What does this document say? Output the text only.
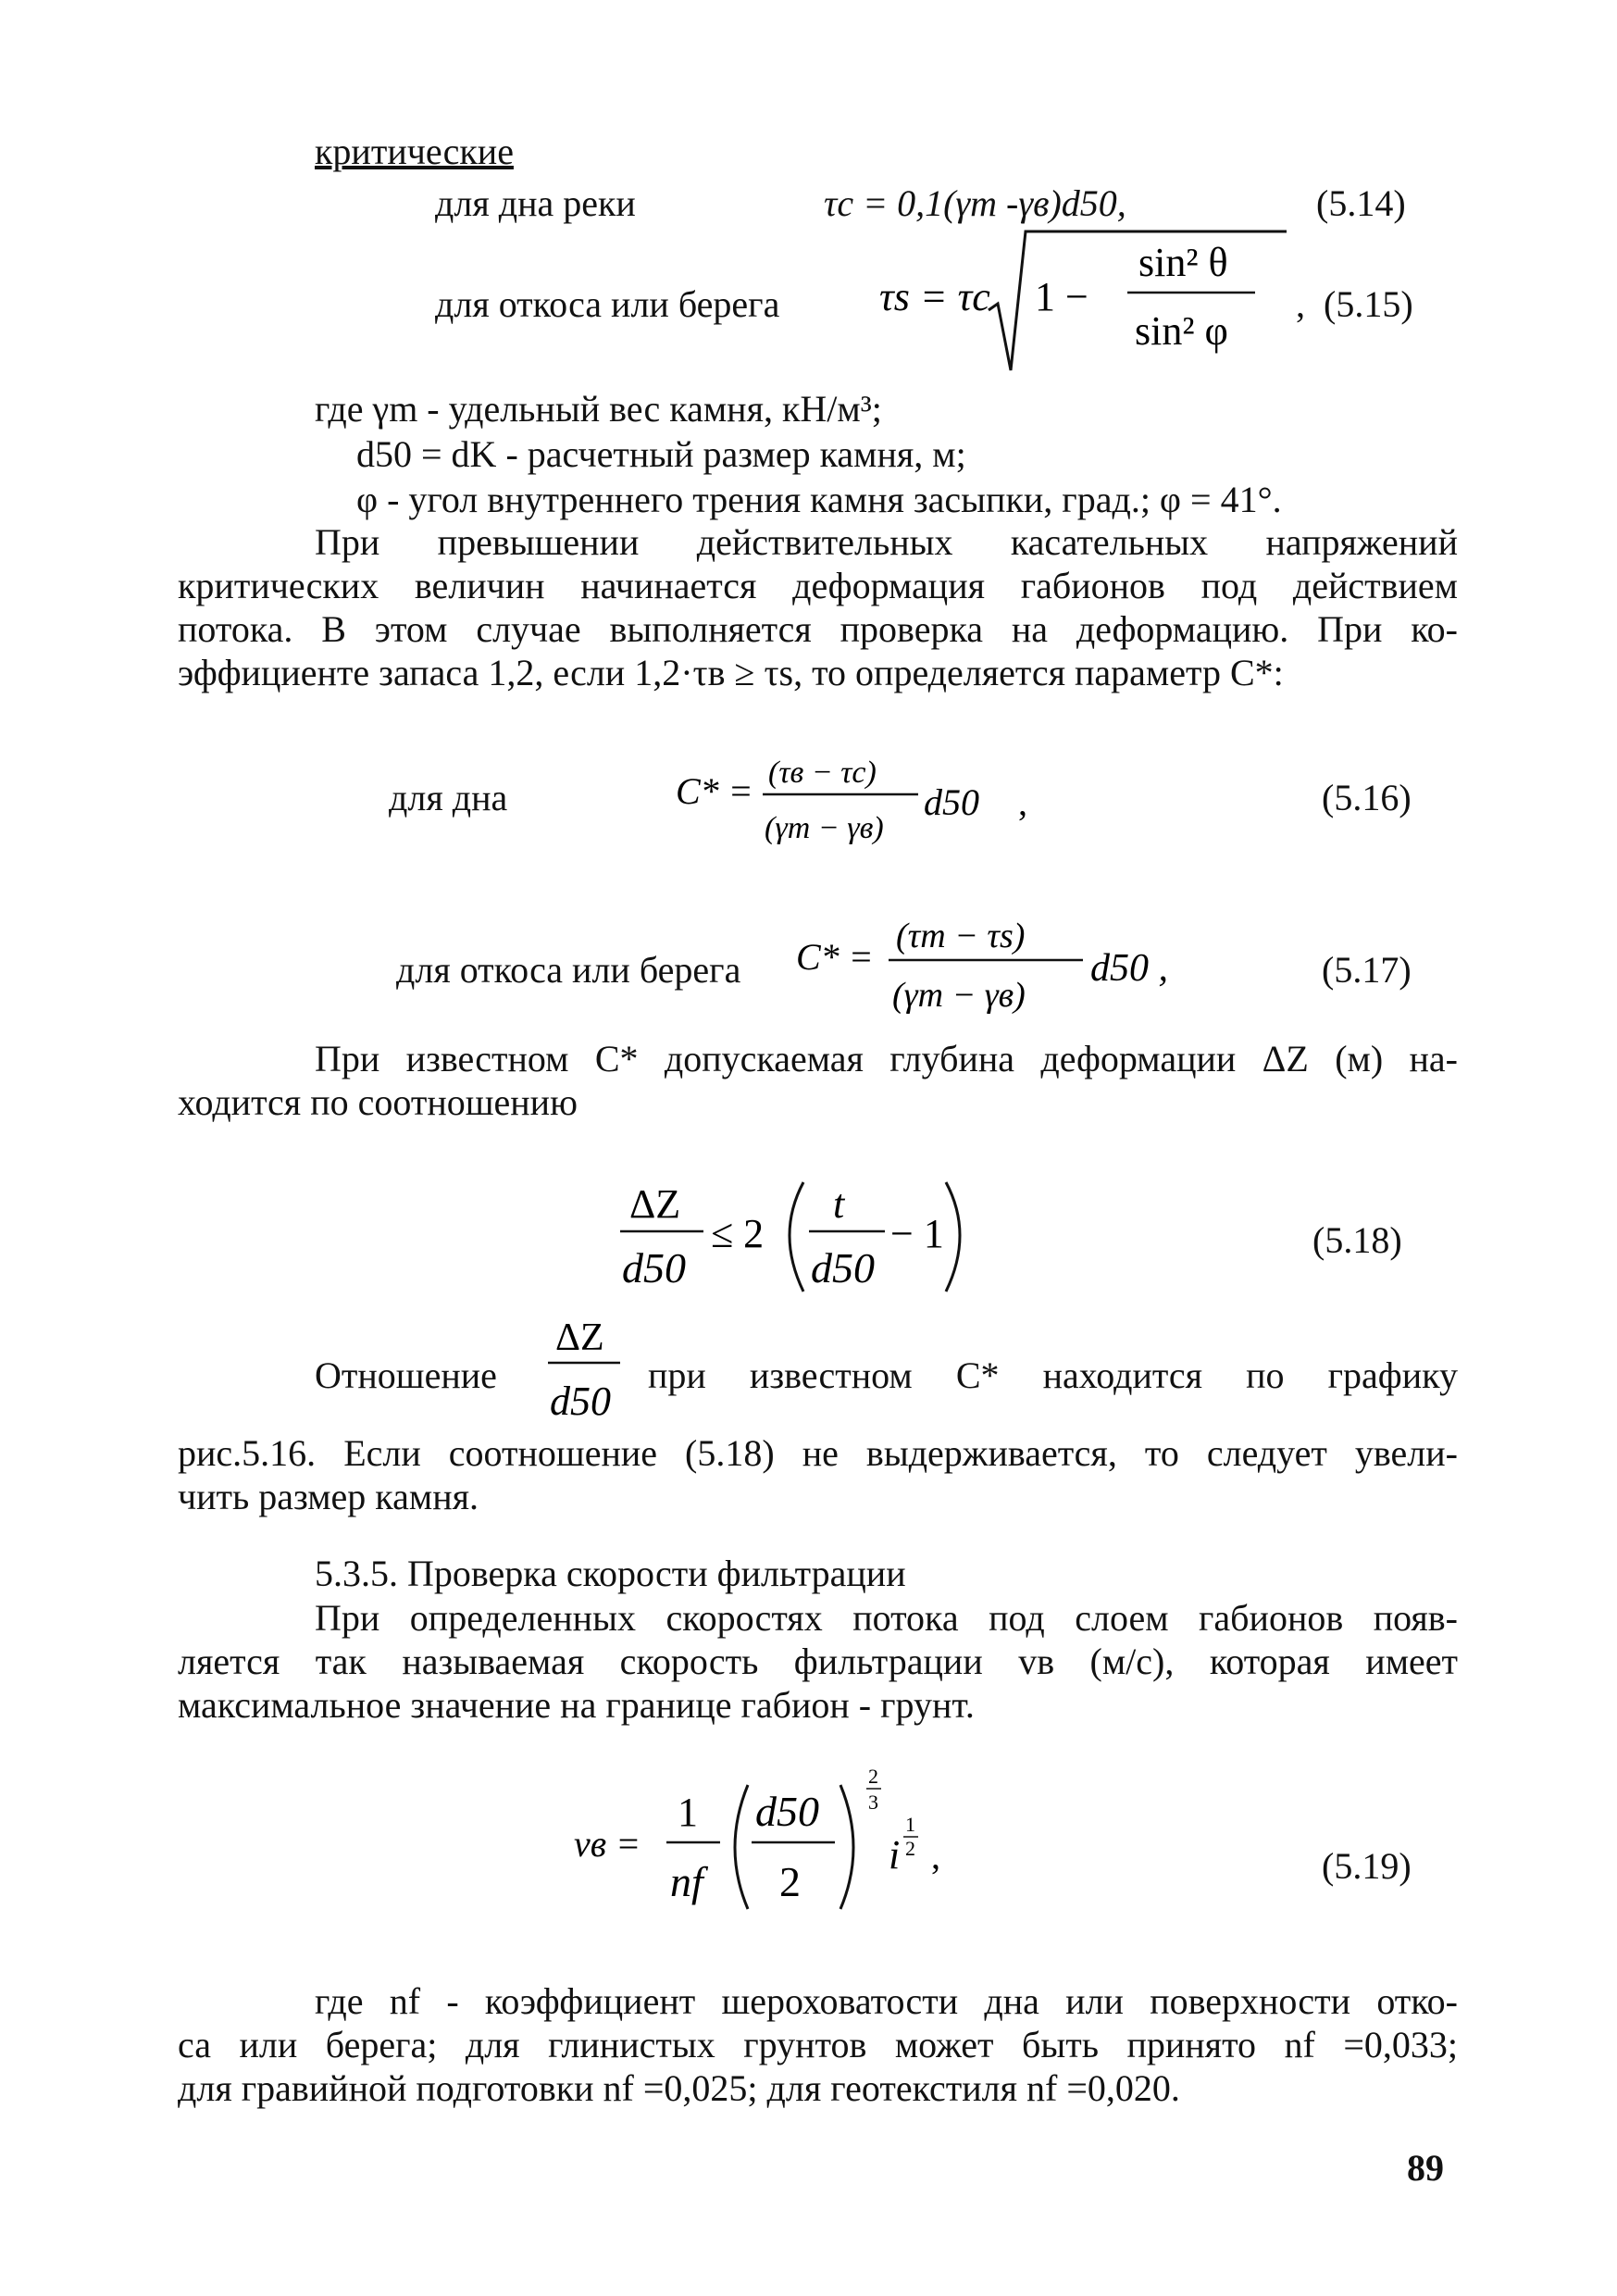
критические
для дна реки	τc = 0,1(γm -γв)d50,	(5.14)
для откоса или берега τs = τc 1 −
sin² θ
sin² φ
,  (5.15)
где γm - удельный вес камня, кН/м³;
d50 = dK - расчетный размер камня, м;
φ - угол внутреннего трения камня засыпки, град.; φ = 41°.
При превышении действительных касательных напряжений
критических величин начинается деформация габионов под действием
потока. В этом случае выполняется проверка на деформацию. При ко-
эффициенте запаса 1,2, если 1,2·τв ≥ τs, то определяется параметр C*:
для дна	C* = (τв − τc)
(γm − γв)
d50 ,	(5.16)
для откоса или берега C* = (τm − τs)
(γm − γв)
d50 ,	(5.17)
При известном C* допускаемая глубина деформации ΔZ (м) на-
ходится по соотношению
ΔZ
d50
≤ 2
t
d50
− 1	(5.18)
Отношение
ΔZ
d50
при известном C* находится по графику
рис.5.16. Если соотношение (5.18) не выдерживается, то следует увели-
чить размер камня.
5.3.5. Проверка скорости фильтрации
При определенных скоростях потока под слоем габионов появ-
ляется так называемая скорость фильтрации vв (м/с), которая имеет
максимальное значение на границе габион - грунт.
vв =
1
nf
d50
2
2
3
i
1
2 ,	(5.19)
где nf - коэффициент шероховатости дна или поверхности отко-
са или берега; для глинистых грунтов может быть принято nf =0,033;
для гравийной подготовки nf =0,025; для геотекстиля nf =0,020.
89
